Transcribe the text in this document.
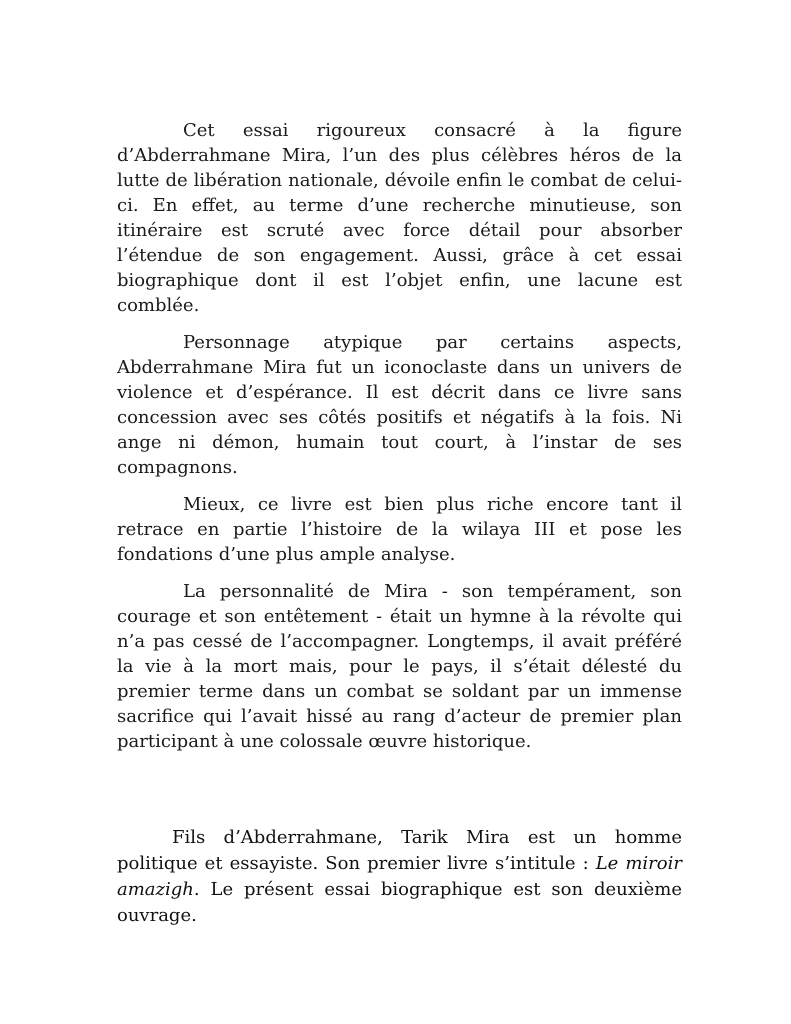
Cet essai rigoureux consacré à la figure d’Abderrahmane Mira, l’un des plus célèbres héros de la lutte de libération nationale, dévoile enfin le combat de celui-ci. En effet, au terme d’une recherche minutieuse, son itinéraire est scruté avec force détail pour absorber l’étendue de son engagement. Aussi, grâce à cet essai biographique dont il est l’objet enfin, une lacune est comblée.

Personnage atypique par certains aspects, Abderrahmane Mira fut un iconoclaste dans un univers de violence et d’espérance. Il est décrit dans ce livre sans concession avec ses côtés positifs et négatifs à la fois. Ni ange ni démon, humain tout court, à l’instar de ses compagnons.

Mieux, ce livre est bien plus riche encore tant il retrace en partie l’histoire de la wilaya III et pose les fondations d’une plus ample analyse.

La personnalité de Mira - son tempérament, son courage et son entêtement - était un hymne à la révolte qui n’a pas cessé de l’accompagner. Longtemps, il avait préféré la vie à la mort mais, pour le pays, il s’était délesté du premier terme dans un combat se soldant par un immense sacrifice qui l’avait hissé au rang d’acteur de premier plan participant à une colossale œuvre historique.

Fils d’Abderrahmane, Tarik Mira est un homme politique et essayiste. Son premier livre s’intitule : Le miroir amazigh. Le présent essai biographique est son deuxième ouvrage.
